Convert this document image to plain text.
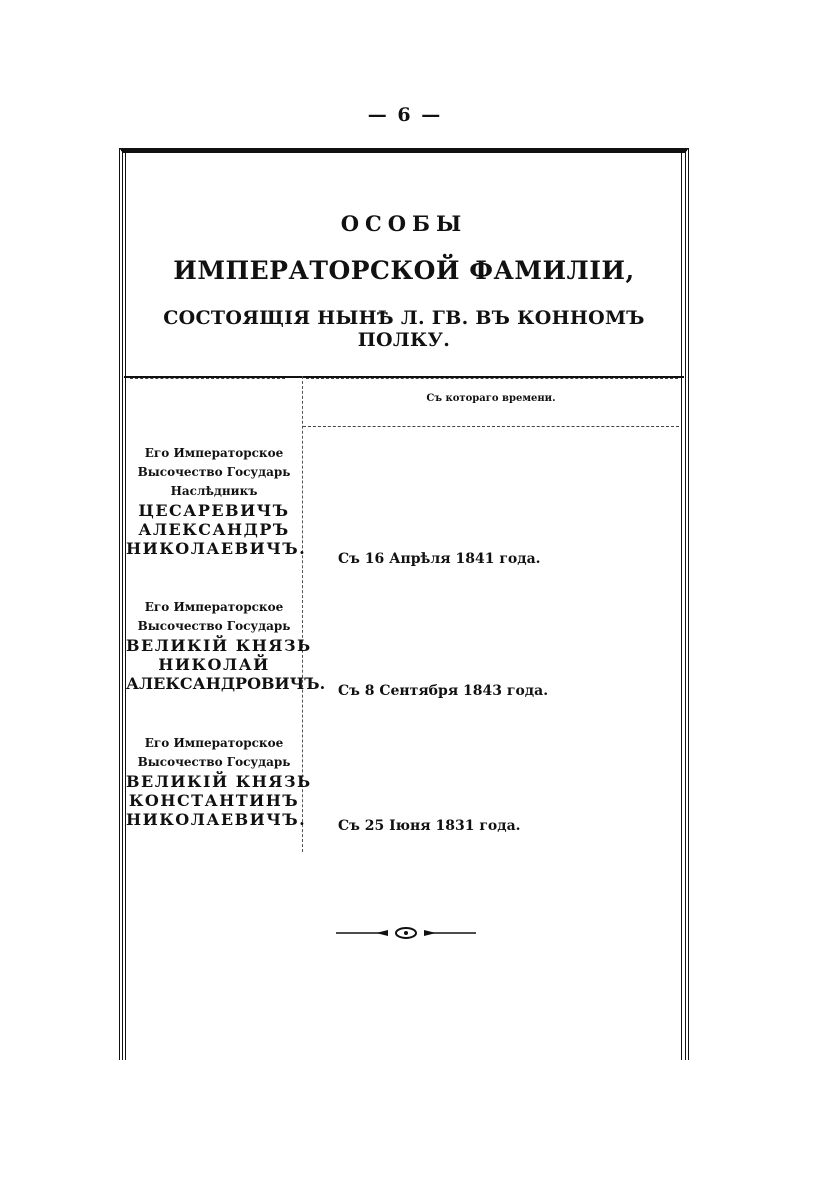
— 6 —
ОСОБЫ
ИМПЕРАТОРСКОЙ ФАМИЛІИ,
СОСТОЯЩІЯ НЫНѢ Л. ГВ. ВЪ КОННОМЪ ПОЛКУ.
Съ котораго времени.
Его Императорское
Высочество Государь
Наслѣдникъ
ЦЕСАРЕВИЧЪ
АЛЕКСАНДРЪ
НИКОЛАЕВИЧЪ.
Съ 16 Апрѣля 1841 года.
Его Императорское
Высочество Государь
ВЕЛИКІЙ КНЯЗЬ
НИКОЛАЙ
АЛЕКСАНДРОВИЧЪ. Съ 8 Сентября 1843 года.
Его Императорское
Высочество Государь
ВЕЛИКІЙ КНЯЗЬ
КОНСТАНТИНЪ
НИКОЛАЕВИЧЪ. Съ 25 Іюня 1831 года.
